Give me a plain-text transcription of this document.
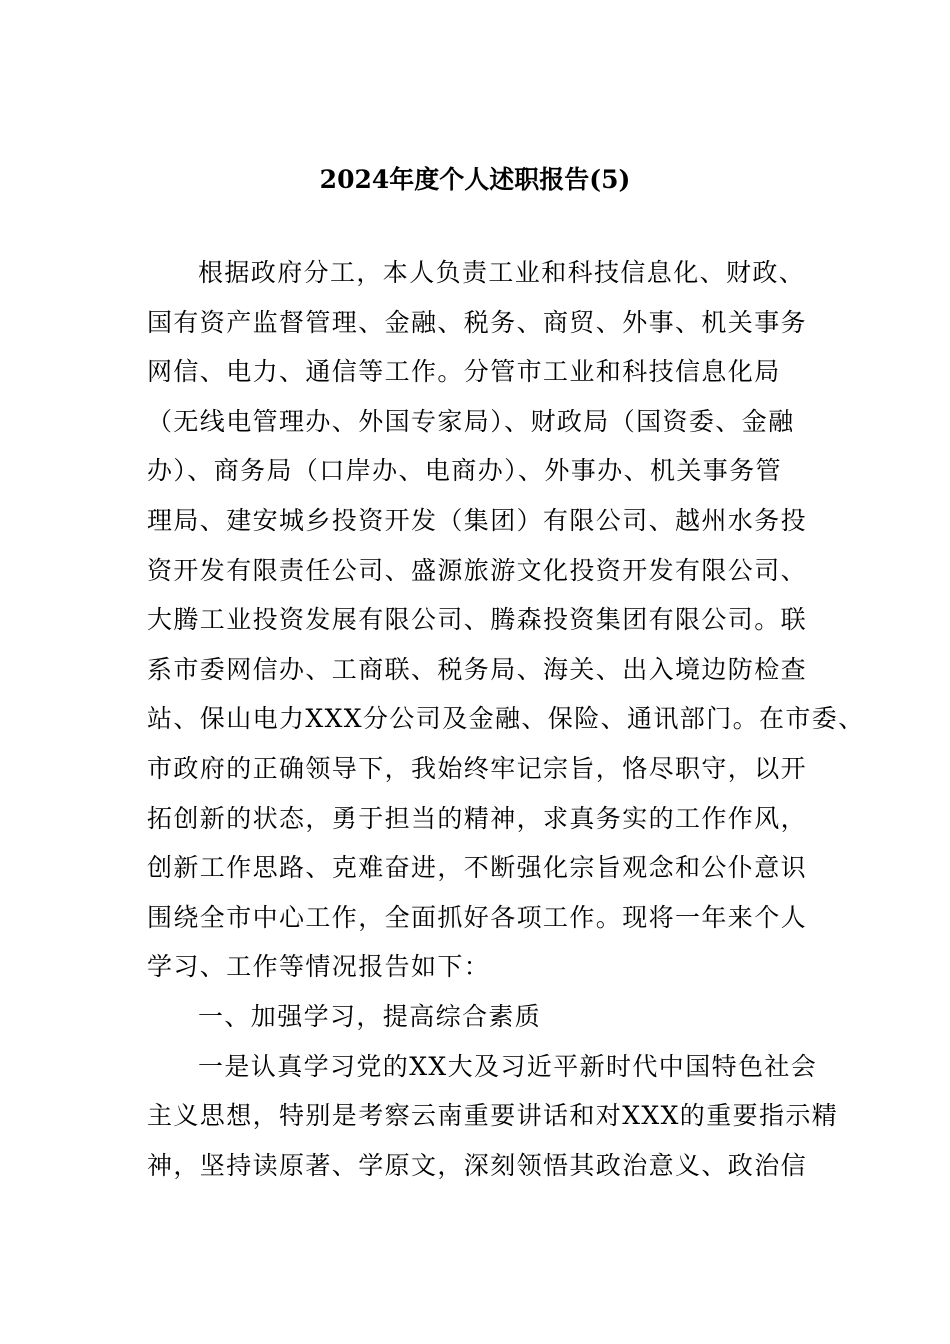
2024年度个人述职报告(5)
根据政府分工，本人负责工业和科技信息化、财政、
国有资产监督管理、金融、税务、商贸、外事、机关事务
网信、电力、通信等工作。分管市工业和科技信息化局
（无线电管理办、外国专家局）、财政局（国资委、金融
办）、商务局（口岸办、电商办）、外事办、机关事务管
理局、建安城乡投资开发（集团）有限公司、越州水务投
资开发有限责任公司、盛源旅游文化投资开发有限公司、
大腾工业投资发展有限公司、腾森投资集团有限公司。联
系市委网信办、工商联、税务局、海关、出入境边防检查
站、保山电力XXX分公司及金融、保险、通讯部门。在市委、
市政府的正确领导下，我始终牢记宗旨，恪尽职守，以开
拓创新的状态，勇于担当的精神，求真务实的工作作风，
创新工作思路、克难奋进，不断强化宗旨观念和公仆意识
围绕全市中心工作，全面抓好各项工作。现将一年来个人
学习、工作等情况报告如下：
一、加强学习，提高综合素质
一是认真学习党的XX大及习近平新时代中国特色社会
主义思想，特别是考察云南重要讲话和对XXX的重要指示精
神，坚持读原著、学原文，深刻领悟其政治意义、政治信
